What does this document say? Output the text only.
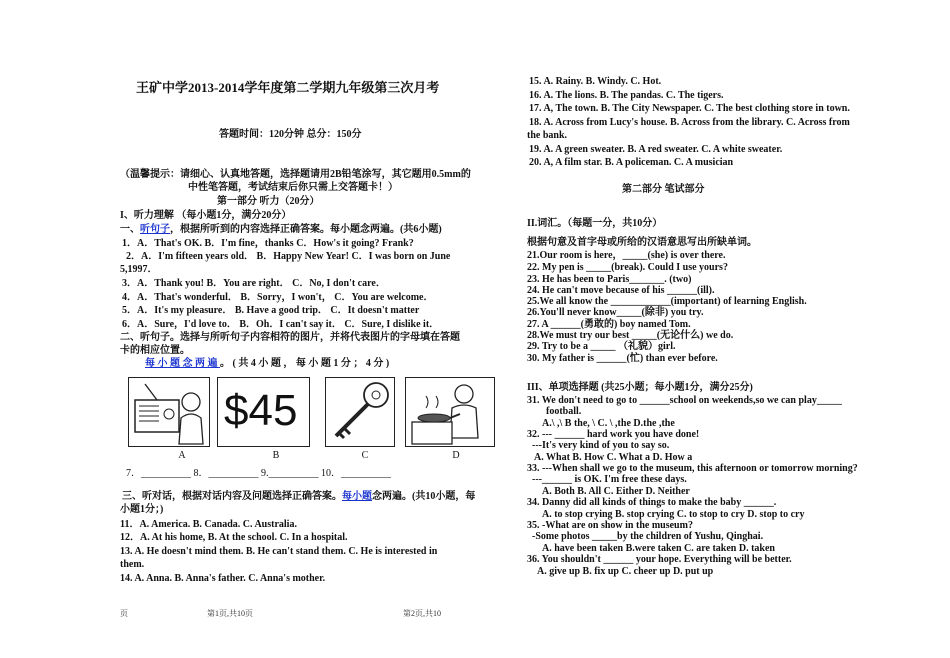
王矿中学2013-2014学年度第二学期九年级第三次月考
答题时间：120分钟 总分：150分
（温馨提示：请细心、认真地答题，选择题请用2B铅笔涂写，其它题用0.5mm的
中性笔答题，考试结束后你只需上交答题卡！）
第一部分 听力（20分）
I、听力理解 （每小题1分，满分20分）
一、听句子，根据所听到的内容选择正确答案。每小题念两遍。(共6小题)
1．A．That's OK. B．I'm fine，thanks C．How's it going? Frank?
2．A．I'm fifteen years old． B．Happy New Year! C．I was born on June
5,1997．
3．A．Thank you! B．You are right． C．No, I don't care．
4．A．That's wonderful． B．Sorry，I won't， C．You are welcome．
5．A．It's my pleasure． B. Have a good trip． C．It doesn't matter
6．A．Sure，I'd love to． B．Oh．I can't say it． C．Sure, I dislike it．
二、听句子。选择与所听句子内容相符的图片，并将代表图片的字母填在答题
卡的相应位置。
每 小 题 念 两 遍 。 ( 共 4 小 题 ， 每 小 题 1 分 ； 4 分 )
$45
A	B	C	D
7．__________ 8．__________ 9.__________ 10．__________
三、听对话，根据对话内容及问题选择正确答案。每小题念两遍。(共10小题，每
小题1分；)
11．A. America. B. Canada. C. Australia.
12．A. At his home, B. At the school. C. In a hospital.
13. A. He doesn't mind them. B. He can't stand them. C. He is interested in
them.
14. A. Anna. B. Anna's father. C. Anna's mother.
页	第1页,共10页
15. A. Rainy. B. Windy. C. Hot.
16. A. The lions. B. The pandas. C. The tigers.
17. A, The town. B. The City Newspaper. C. The best clothing store in town.
18. A. Across from Lucy's house. B. Across from the library. C. Across from
the bank.
19. A. A green sweater. B. A red sweater. C. A white sweater.
20. A, A film star. B. A policeman. C. A musician
第二部分 笔试部分
II.词汇。（每题一分，共10分）
根据句意及首字母或所给的汉语意思写出所缺单词。
21.Our room is here，_____(she) is over there.
22. My pen is _____(break). Could I use yours?
23. He has been to Paris_______. (two)
24. He can't move because of his ______(ill).
25.We all know the ____________(important) of learning English.
26.You'll never know_____(除非) you try.
27. A ______(勇敢的) boy named Tom.
28.We must try our best _____(无论什么) we do.
29. Try to be a _____ （礼貌）girl.
30. My father is ______(忙) than ever before.
III、单项选择题 (共25小题；每小题1分，满分25分)
31. We don't need to go to ______school on weekends,so we can play_____
football.
A.\ ,\ B the, \ C. \ ,the D.the ,the
32. --- ______ hard work you have done!
---It's very kind of you to say so.
A. What B. How C. What a D. How a
33. ---When shall we go to the museum, this afternoon or tomorrow morning?
---______ is OK. I'm free these days.
A. Both B. All C. Either D. Neither
34. Danny did all kinds of things to make the baby ______.
A. to stop crying B. stop crying C. to stop to cry D. stop to cry
35. -What are on show in the museum?
-Some photos _____by the children of Yushu, Qinghai.
A. have been taken B.were taken C. are taken D. taken
36. You shouldn't ______ your hope. Everything will be better.
A. give up B. fix up C. cheer up D. put up
第2页,共10
